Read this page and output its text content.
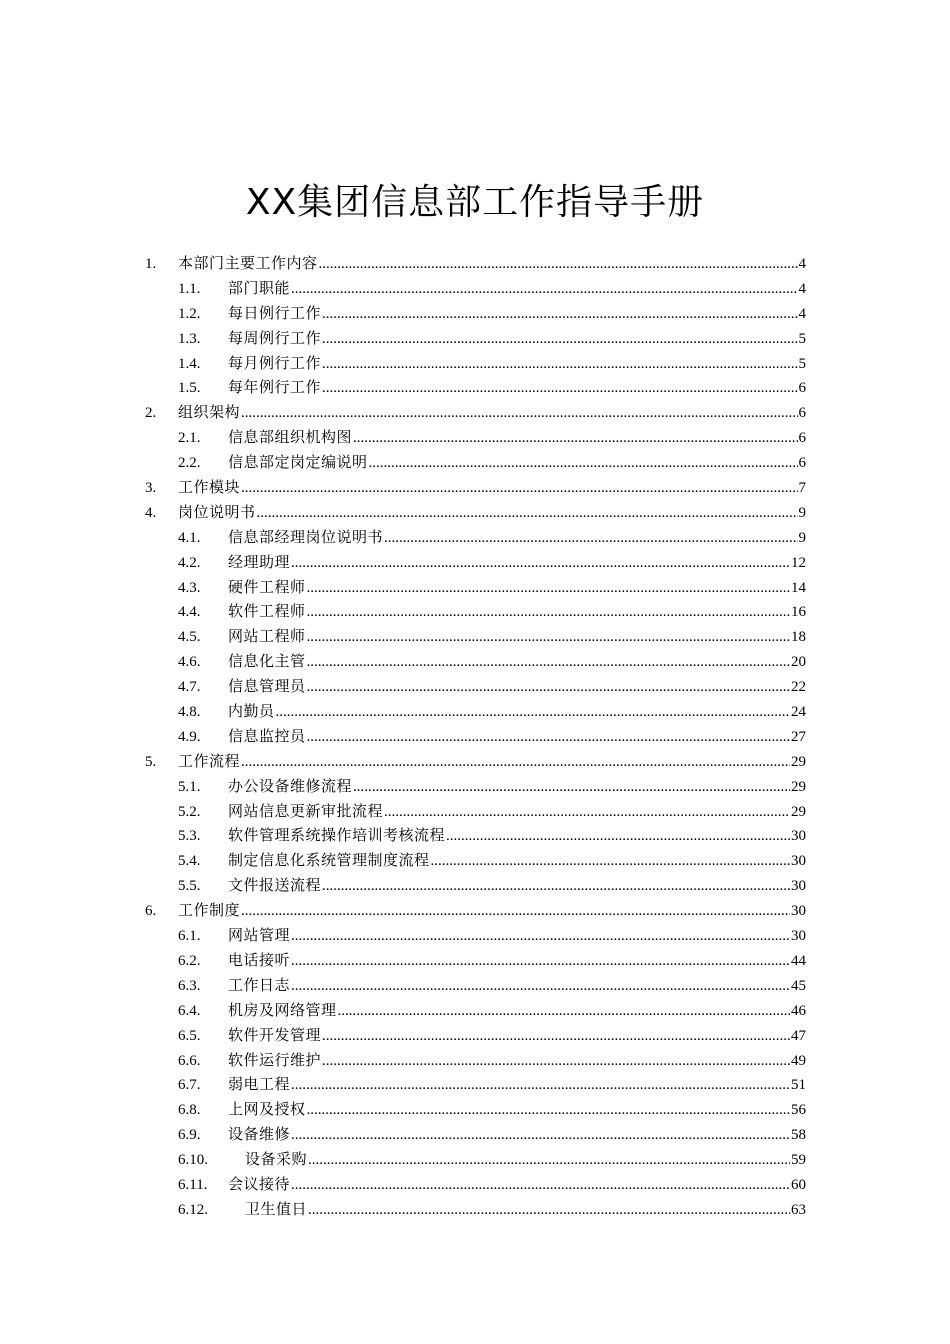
XX集团信息部工作指导手册
1.	本部门主要工作内容 .....	4
1.1.	部门职能 .....	4
1.2.	每日例行工作 .....	4
1.3.	每周例行工作 .....	5
1.4.	每月例行工作 .....	5
1.5.	每年例行工作 .....	6
2.	组织架构 .....	6
2.1.	信息部组织机构图 .....	6
2.2.	信息部定岗定编说明 .....	6
3.	工作模块 .....	7
4.	岗位说明书 .....	9
4.1.	信息部经理岗位说明书 .....	9
4.2.	经理助理 .....	12
4.3.	硬件工程师 .....	14
4.4.	软件工程师 .....	16
4.5.	网站工程师 .....	18
4.6.	信息化主管 .....	20
4.7.	信息管理员 .....	22
4.8.	内勤员 .....	24
4.9.	信息监控员 .....	27
5.	工作流程 .....	29
5.1.	办公设备维修流程 .....	29
5.2.	网站信息更新审批流程 .....	29
5.3.	软件管理系统操作培训考核流程 .....	30
5.4.	制定信息化系统管理制度流程 .....	30
5.5.	文件报送流程 .....	30
6.	工作制度 .....	30
6.1.	网站管理 .....	30
6.2.	电话接听 .....	44
6.3.	工作日志 .....	45
6.4.	机房及网络管理 .....	46
6.5.	软件开发管理 .....	47
6.6.	软件运行维护 .....	49
6.7.	弱电工程 .....	51
6.8.	上网及授权 .....	56
6.9.	设备维修 .....	58
6.10.	设备采购 .....	59
6.11.	会议接待 .....	60
6.12.	卫生值日 .....	63
